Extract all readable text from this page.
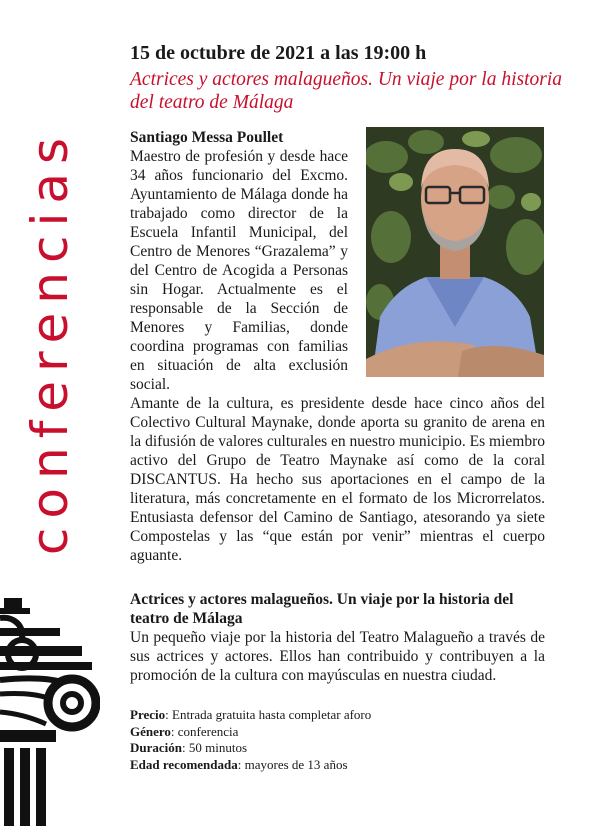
conferencias
15 de octubre de 2021 a las 19:00 h
Actrices y actores malagueños. Un viaje por la historia del teatro de Málaga
Santiago Messa Poullet
Maestro de profesión y desde hace 34 años funcionario del Excmo. Ayuntamiento de Málaga donde ha trabajado como director de la Escuela Infantil Municipal, del Centro de Menores “Grazalema” y del Centro de Acogida a Personas sin Hogar. Actualmente es el responsable de la Sección de Menores y Familias, donde coordina programas con familias en situación de alta exclusión social.
Amante de la cultura, es presidente desde hace cinco años del Colectivo Cultural Maynake, donde aporta su granito de arena en la difusión de valores culturales en nuestro municipio. Es miembro activo del Grupo de Teatro Maynake así como de la coral DISCANTUS. Ha hecho sus aportaciones en el campo de la literatura, más concretamente en el formato de los Microrrelatos. Entusiasta defensor del Camino de Santiago, atesorando ya siete Compostelas y las “que están por venir” mientras el cuerpo aguante.
Actrices y actores malagueños. Un viaje por la historia del teatro de Málaga
Un pequeño viaje por la historia del Teatro Malagueño a través de sus actrices y actores. Ellos han contribuido y contribuyen a la promoción de la cultura con mayúsculas en nuestra ciudad.
Precio: Entrada gratuita hasta completar aforo
Género: conferencia
Duración: 50 minutos
Edad recomendada: mayores de 13 años
